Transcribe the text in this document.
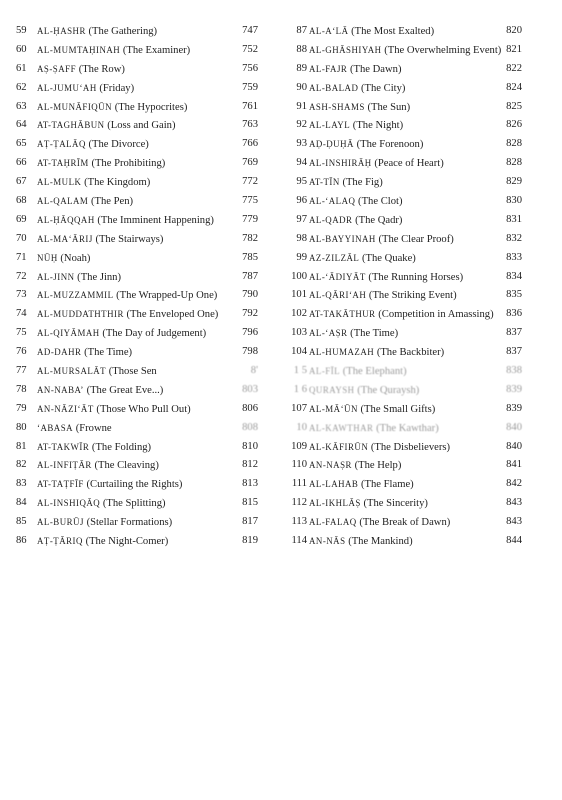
59	AL-ḤASHR (The Gathering)	747
60	AL-MUMTAḤINAH (The Examiner)	752
61	AṢ-ṢAFF (The Row)	756
62	AL-JUMU‘AH (Friday)	759
63	AL-MUNĀFIQŪN (The Hypocrites)	761
64	AT-TAGHĀBUN (Loss and Gain)	763
65	AṬ-ṬALĀQ (The Divorce)	766
66	AT-TAḤRĪM (The Prohibiting)	769
67	AL-MULK (The Kingdom)	772
68	AL-QALAM (The Pen)	775
69	AL-ḤĀQQAH (The Imminent Happening)	779
70	AL-MA‘ĀRIJ (The Stairways)	782
71	NŪḤ (Noah)	785
72	AL-JINN (The Jinn)	787
73	AL-MUZZAMMIL (The Wrapped-Up One) 790
74	AL-MUDDATHTHIR (The Enveloped One) 792
75	AL-QIYĀMAH (The Day of Judgement)	796
76	AD-DAHR (The Time)	798
77	AL-MURSALĀT (Those Sen	8'
78	AN-NABA’ (The Great Eve...)	803
79	AN-NĀZI‘ĀT (Those Who Pull Out)	806
80	‘ABASA (Frowne	808
81	AT-TAKWĪR (The Folding)	810
82	AL-INFIṬĀR (The Cleaving)	812
83	AT-TAṬFĪF (Curtailing the Rights)	813
84	AL-INSHIQĀQ (The Splitting)	815
85	AL-BURŪJ (Stellar Formations)	817
86	AṬ-ṬĀRIQ (The Night-Comer)	819
87 AL-A‘LĀ (The Most Exalted)	820
88 AL-GHĀSHIYAH (The Overwhelming Event) 821
89 AL-FAJR (The Dawn)	822
90 AL-BALAD (The City)	824
91 ASH-SHAMS (The Sun)	825
92 AL-LAYL (The Night)	826
93 AḌ-ḌUḤĀ (The Forenoon)	828
94 AL-INSHIRĀḤ (Peace of Heart)	828
95 AT-TĪN (The Fig)	829
96 AL-‘ALAQ (The Clot)	830
97 AL-QADR (The Qadr)	831
98 AL-BAYYINAH (The Clear Proof)	832
99 AZ-ZILZĀL (The Quake)	833
100 AL-‘ĀDIYĀT (The Running Horses)	834
101 AL-QĀRI‘AH (The Striking Event)	835
102 AT-TAKĀTHUR (Competition in Amassing) 836
103 AL-‘AṢR (The Time)	837
104 AL-HUMAZAH (The Backbiter)	837
1 5 AL-FĪL (The Elephant)	838
1 6 QURAYSH (The Quraysh)	839
107 AL-MĀ‘ŪN (The Small Gifts)	839
10 AL-KAWTHAR (The Kawthar)	840
109 AL-KĀFIRŪN (The Disbelievers)	840
110 AN-NAṢR (The Help)	841
111 AL-LAHAB (The Flame)	842
112 AL-IKHLĀṢ (The Sincerity)	843
113 AL-FALAQ (The Break of Dawn)	843
114 AN-NĀS (The Mankind)	844
